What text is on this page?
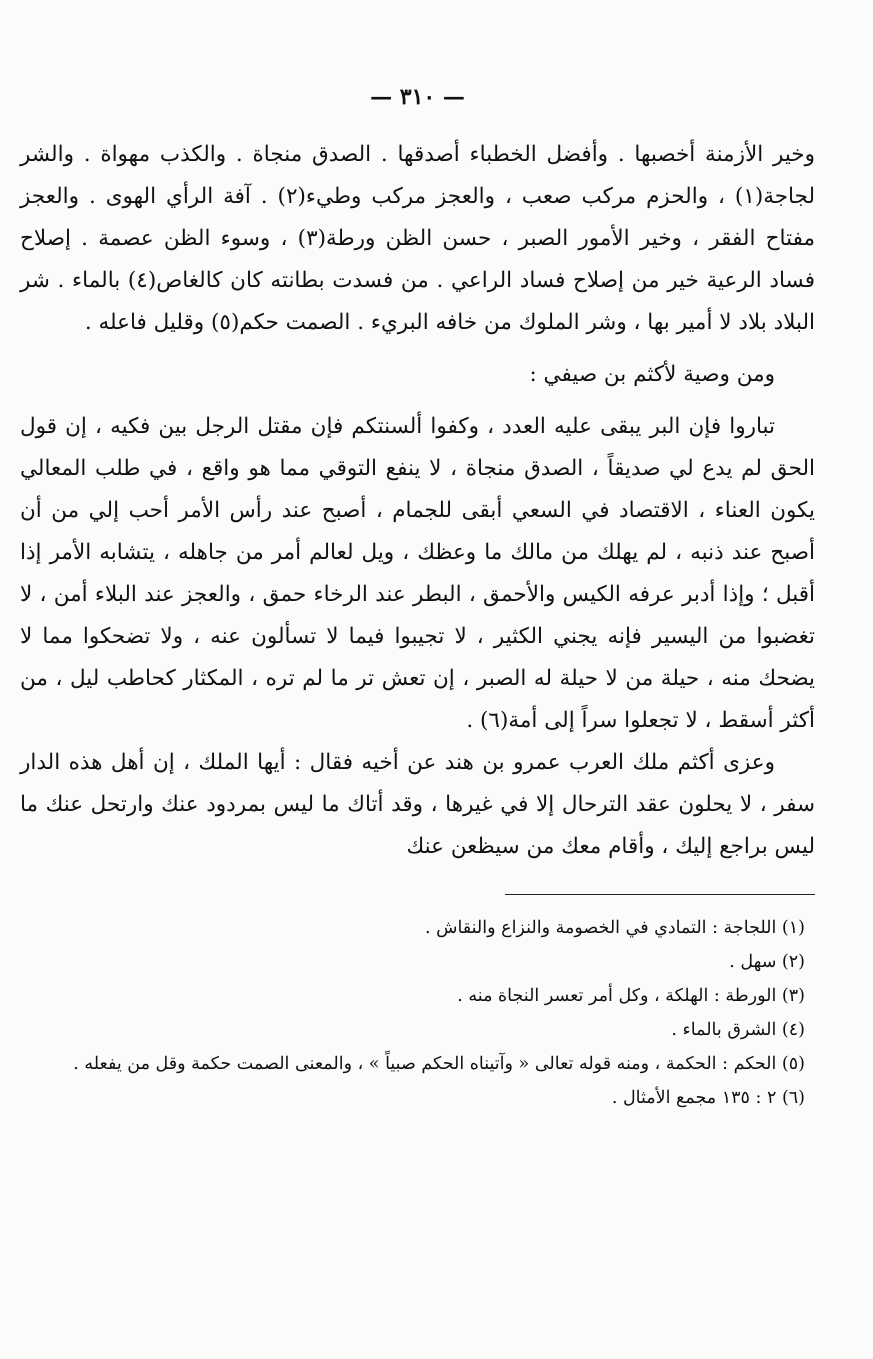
— ٣١٠ —

وخير الأزمنة أخصبها . وأفضل الخطباء أصدقها . الصدق منجاة . والكذب مهواة . والشر لجاجة(١) ، والحزم مركب صعب ، والعجز مركب وطيء(٢) . آفة الرأي الهوى . والعجز مفتاح الفقر ، وخير الأمور الصبر ، حسن الظن ورطة(٣) ، وسوء الظن عصمة . إصلاح فساد الرعية خير من إصلاح فساد الراعي . من فسدت بطانته كان كالغاص(٤) بالماء . شر البلاد بلاد لا أمير بها ، وشر الملوك من خافه البريء . الصمت حكم(٥) وقليل فاعله .

ومن وصية لأكثم بن صيفي :

تباروا فإن البر يبقى عليه العدد ، وكفوا ألسنتكم فإن مقتل الرجل بين فكيه ، إن قول الحق لم يدع لي صديقاً ، الصدق منجاة ، لا ينفع التوقي مما هو واقع ، في طلب المعالي يكون العناء ، الاقتصاد في السعي أبقى للجمام ، أصبح عند رأس الأمر أحب إلي من أن أصبح عند ذنبه ، لم يهلك من مالك ما وعظك ، ويل لعالم أمر من جاهله ، يتشابه الأمر إذا أقبل ؛ وإذا أدبر عرفه الكيس والأحمق ، البطر عند الرخاء حمق ، والعجز عند البلاء أمن ، لا تغضبوا من اليسير فإنه يجني الكثير ، لا تجيبوا فيما لا تسألون عنه ، ولا تضحكوا مما لا يضحك منه ، حيلة من لا حيلة له الصبر ، إن تعش تر ما لم تره ، المكثار كحاطب ليل ، من أكثر أسقط ، لا تجعلوا سراً إلى أمة(٦) .

وعزى أكثم ملك العرب عمرو بن هند عن أخيه فقال : أيها الملك ، إن أهل هذه الدار سفر ، لا يحلون عقد الترحال إلا في غيرها ، وقد أتاك ما ليس بمردود عنك وارتحل عنك ما ليس براجع إليك ، وأقام معك من سيظعن عنك

(١) اللجاجة : التمادي في الخصومة والنزاع والنقاش .

(٢) سهل .

(٣) الورطة : الهلكة ، وكل أمر تعسر النجاة منه .

(٤) الشرق بالماء .

(٥) الحكم : الحكمة ، ومنه قوله تعالى « وآتيناه الحكم صبياً » ، والمعنى الصمت حكمة وقل من يفعله .

(٦) ٢ : ١٣٥ مجمع الأمثال .
